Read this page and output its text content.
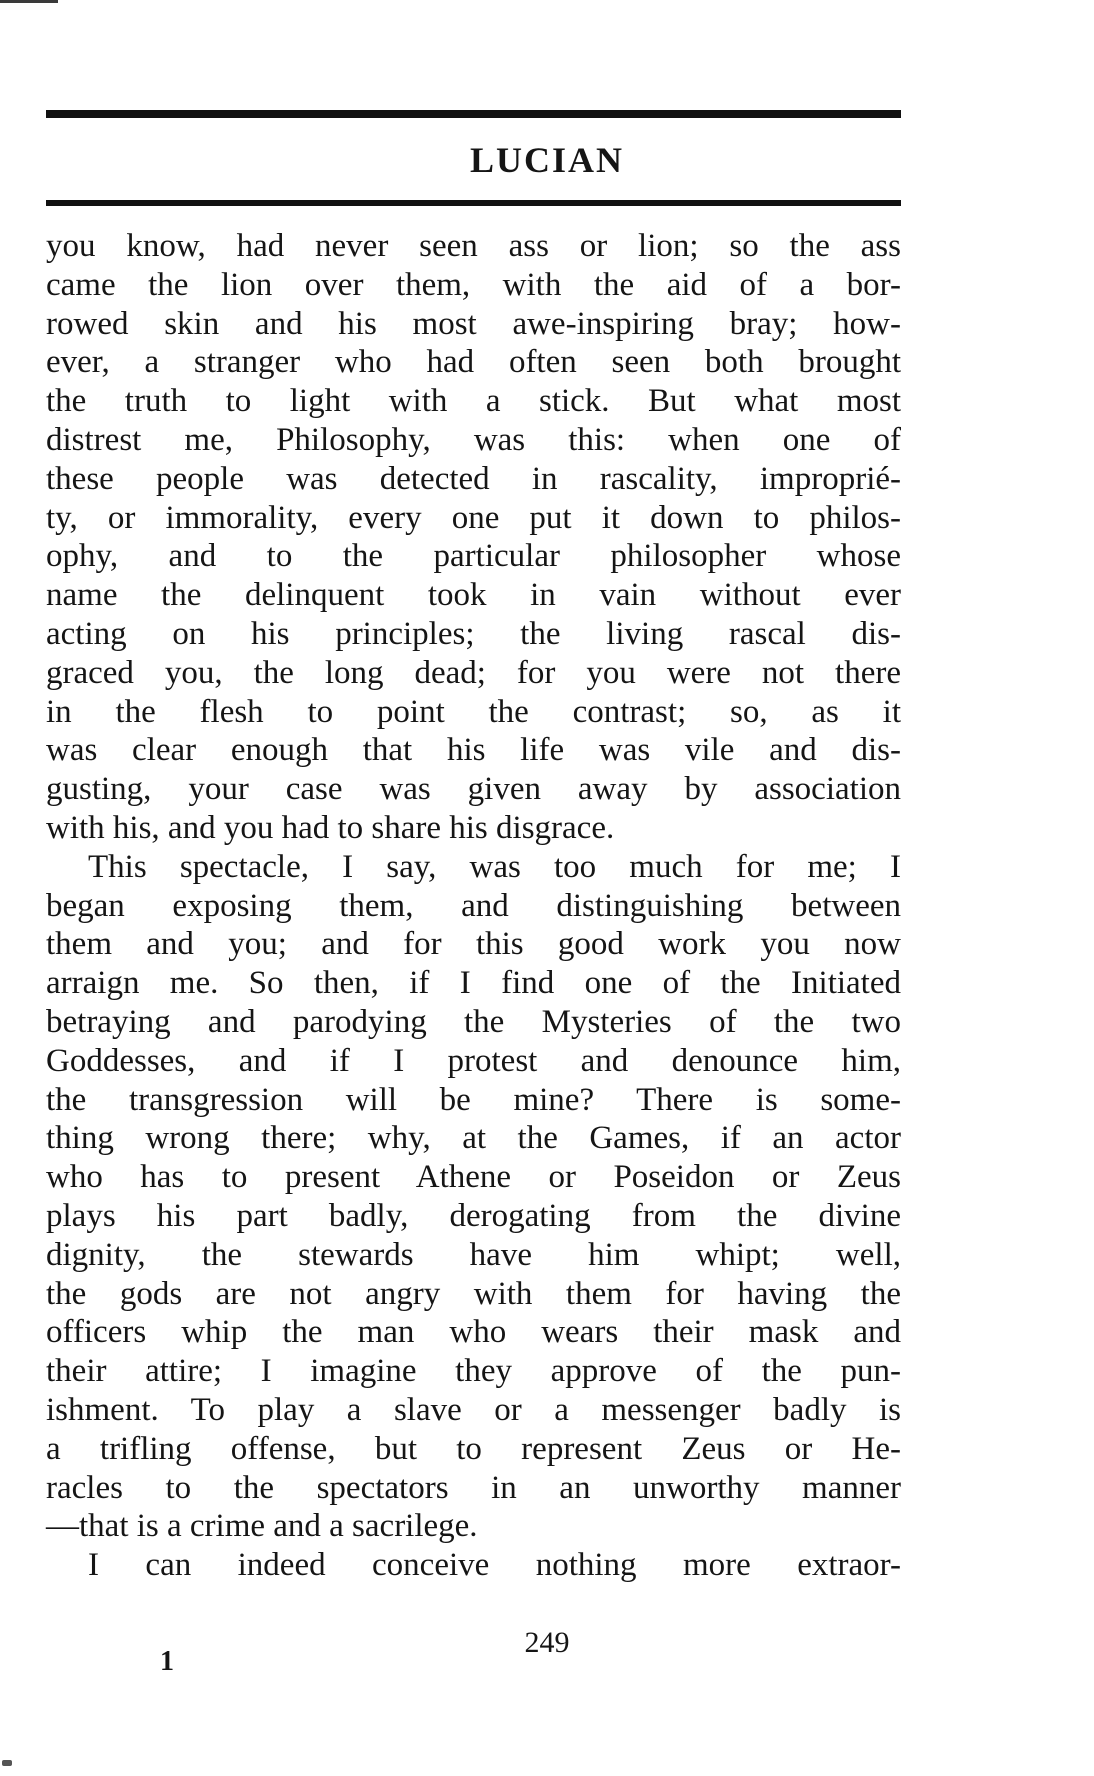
LUCIAN
you know, had never seen ass or lion; so the ass
came the lion over them, with the aid of a bor-
rowed skin and his most awe-inspiring bray; how-
ever, a stranger who had often seen both brought
the truth to light with a stick. But what most
distrest me, Philosophy, was this: when one of
these people was detected in rascality, improprié-
ty, or immorality, every one put it down to philos-
ophy, and to the particular philosopher whose
name the delinquent took in vain without ever
acting on his principles; the living rascal dis-
graced you, the long dead; for you were not there
in the flesh to point the contrast; so, as it
was clear enough that his life was vile and dis-
gusting, your case was given away by association
with his, and you had to share his disgrace.
This spectacle, I say, was too much for me; I
began exposing them, and distinguishing between
them and you; and for this good work you now
arraign me. So then, if I find one of the Initiated
betraying and parodying the Mysteries of the two
Goddesses, and if I protest and denounce him,
the transgression will be mine? There is some-
thing wrong there; why, at the Games, if an actor
who has to present Athene or Poseidon or Zeus
plays his part badly, derogating from the divine
dignity, the stewards have him whipt; well,
the gods are not angry with them for having the
officers whip the man who wears their mask and
their attire; I imagine they approve of the pun-
ishment. To play a slave or a messenger badly is
a trifling offense, but to represent Zeus or He-
racles to the spectators in an unworthy manner
—that is a crime and a sacrilege.
I can indeed conceive nothing more extraor-
249
1
